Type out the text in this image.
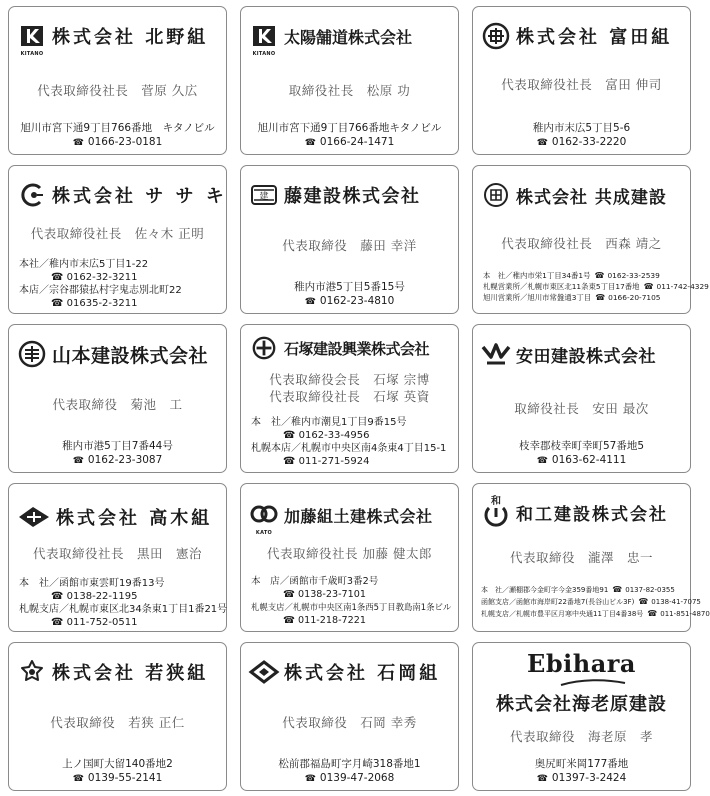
KITANO
株式会社 北野組
代表取締役社長　菅原 久広
旭川市宮下通9丁目766番地　キタノビル
☎ 0166-23-0181
KITANO
太陽舗道株式会社
取締役社長　松原 功
旭川市宮下通9丁目766番地キタノビル
☎ 0166-24-1471
株式会社 富田組
代表取締役社長　富田 伸司
稚内市末広5丁目5-6
☎ 0162-33-2220
株式会社 サ サ キ
代表取締役社長　佐々木 正明
本社／稚内市末広5丁目1-22
☎ 0162-32-3211
本店／宗谷郡猿払村字鬼志別北町22
☎ 01635-2-3211
建 藤建設株式会社
代表取締役　藤田 幸洋
稚内市港5丁目5番15号
☎ 0162-23-4810
株式会社 共成建設
代表取締役社長　西森 靖之
本　社／稚内市栄1丁目34番1号 ☎ 0162-33-2539
札幌営業所／札幌市東区北11条東5丁目17番地 ☎ 011-742-4329
旭川営業所／旭川市常盤通3丁目 ☎ 0166-20-7105
山本建設株式会社
代表取締役　菊池　工
稚内市港5丁目7番44号
☎ 0162-23-3087
石塚建設興業株式会社
代表取締役会長　石塚 宗博
代表取締役社長　石塚 英資
本　社／稚内市潮見1丁目9番15号
☎ 0162-33-4956
札幌本店／札幌市中央区南4条東4丁目15-1
☎ 011-271-5924
安田建設株式会社
取締役社長　安田 最次
枝幸郡枝幸町幸町57番地5
☎ 0163-62-4111
株式会社 高木組
代表取締役社長　黒田　憲治
本　社／函館市東雲町19番13号
☎ 0138-22-1195
札幌支店／札幌市東区北34条東1丁目1番21号
☎ 011-752-0511
KATO
加藤組土建株式会社
代表取締役社長 加藤 健太郎
本　店／函館市千歳町3番2号
☎ 0138-23-7101
札幌支店／札幌市中央区南1条西5丁目教島南1条ビル
☎ 011-218-7221
和
和工建設株式会社
代表取締役　瀧澤　忠一
本　社／瀬棚郡今金町字今金359番地91 ☎ 0137-82-0355
函館支店／函館市海岸町22番地7(長谷山ビル3F) ☎ 0138-41-7075
札幌支店／札幌市豊平区月寒中央通11丁目4番38号 ☎ 011-851-4870
株式会社 若狭組
代表取締役　若狭 正仁
上ノ国町大留140番地2
☎ 0139-55-2141
株式会社 石岡組
代表取締役　石岡 幸秀
松前郡福島町字月崎318番地1
☎ 0139-47-2068
Ebihara
株式会社海老原建設
代表取締役　海老原　孝
奥尻町米岡177番地
☎ 01397-3-2424
